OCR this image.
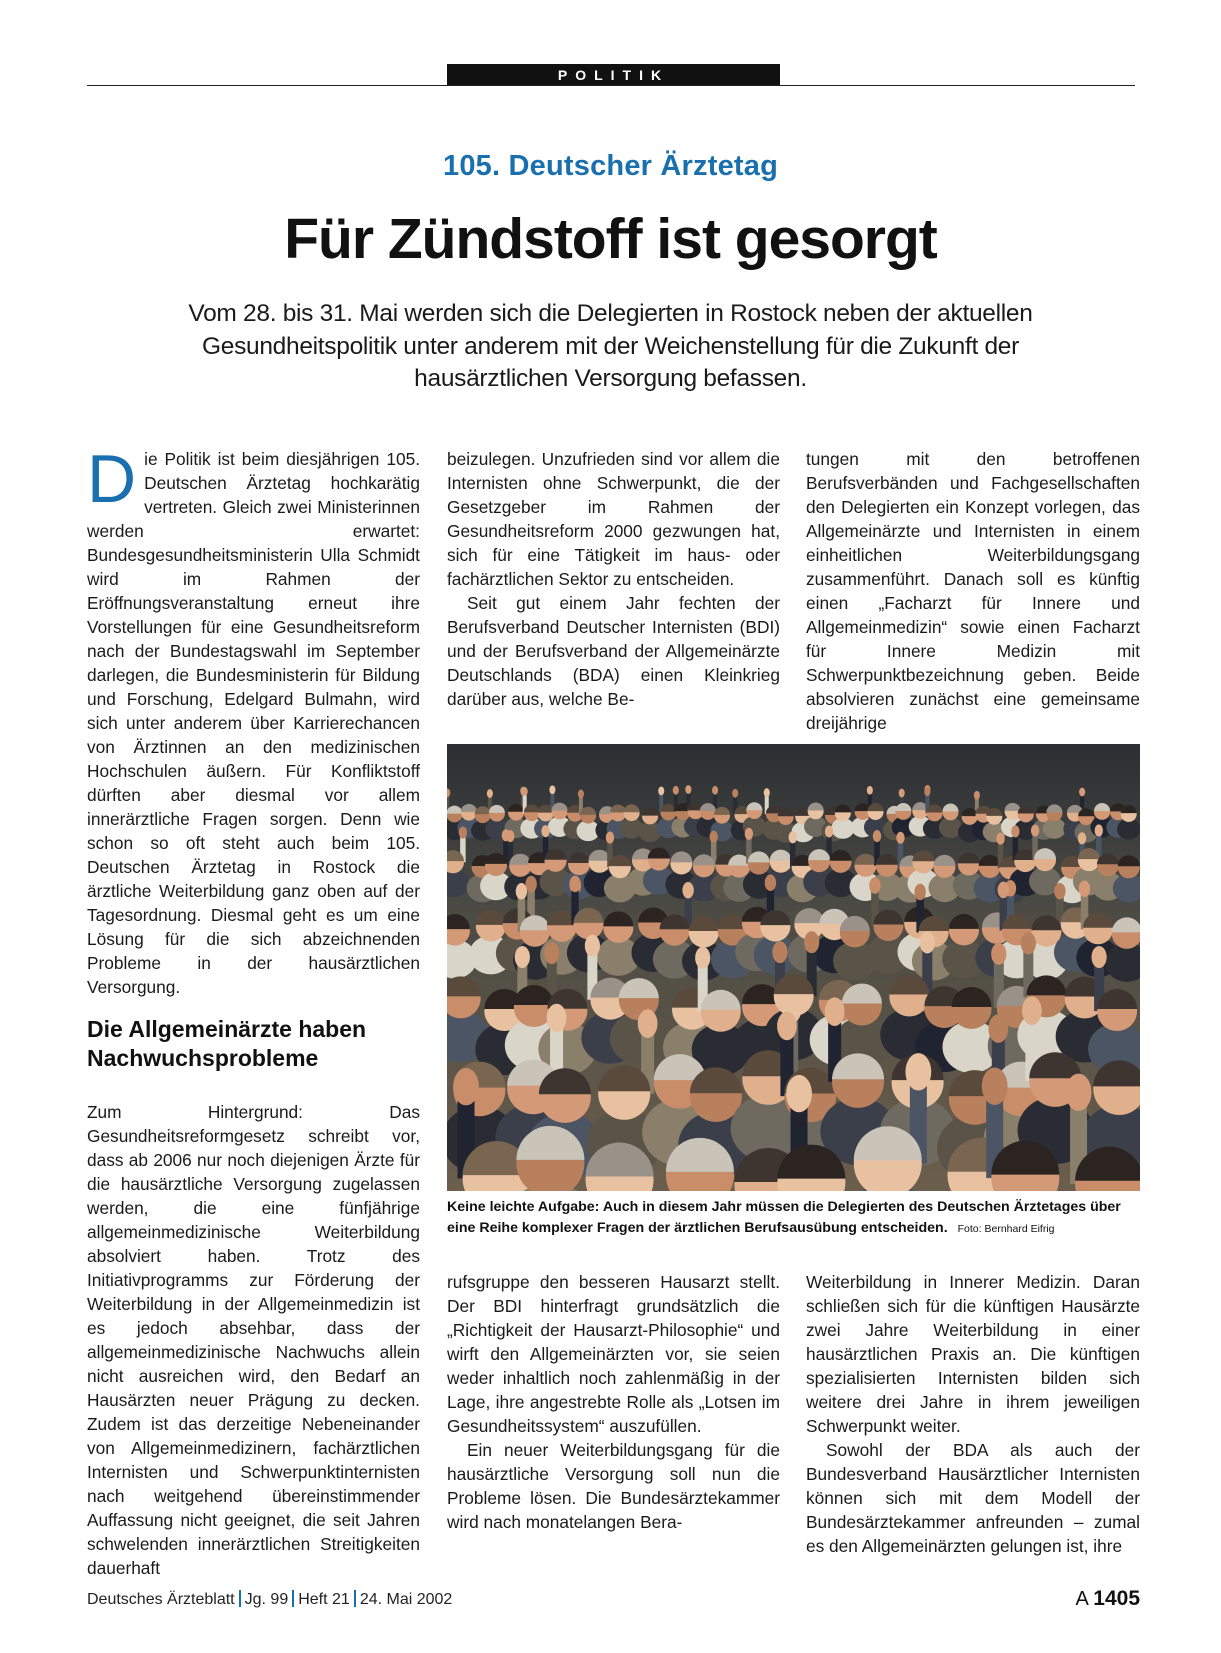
POLITIK
105. Deutscher Ärztetag
Für Zündstoff ist gesorgt
Vom 28. bis 31. Mai werden sich die Delegierten in Rostock neben der aktuellen Gesundheitspolitik unter anderem mit der Weichenstellung für die Zukunft der hausärztlichen Versorgung befassen.
D ie Politik ist beim diesjährigen 105. Deutschen Ärztetag hochkarätig vertreten. Gleich zwei Ministerinnen werden erwartet: Bundesgesundheitsministerin Ulla Schmidt wird im Rahmen der Eröffnungsveranstaltung erneut ihre Vorstellungen für eine Gesundheitsreform nach der Bundestagswahl im September darlegen, die Bundesministerin für Bildung und Forschung, Edelgard Bulmahn, wird sich unter anderem über Karrierechancen von Ärztinnen an den medizinischen Hochschulen äußern. Für Konfliktstoff dürften aber diesmal vor allem innerärztliche Fragen sorgen. Denn wie schon so oft steht auch beim 105. Deutschen Ärztetag in Rostock die ärztliche Weiterbildung ganz oben auf der Tagesordnung. Diesmal geht es um eine Lösung für die sich abzeichnenden Probleme in der hausärztlichen Versorgung.

Die Allgemeinärzte haben Nachwuchsprobleme

Zum Hintergrund: Das Gesundheitsreformgesetz schreibt vor, dass ab 2006 nur noch diejenigen Ärzte für die hausärztliche Versorgung zugelassen werden, die eine fünfjährige allgemeinmedizinische Weiterbildung absolviert haben. Trotz des Initiativprogramms zur Förderung der Weiterbildung in der Allgemeinmedizin ist es jedoch absehbar, dass der allgemeinmedizinische Nachwuchs allein nicht ausreichen wird, den Bedarf an Hausärzten neuer Prägung zu decken. Zudem ist das derzeitige Nebeneinander von Allgemeinmedizinern, fachärztlichen Internisten und Schwerpunktinternisten nach weitgehend übereinstimmender Auffassung nicht geeignet, die seit Jahren schwelenden innerärztlichen Streitigkeiten dauerhaft

beizulegen. Unzufrieden sind vor allem die Internisten ohne Schwerpunkt, die der Gesetzgeber im Rahmen der Gesundheitsreform 2000 gezwungen hat, sich für eine Tätigkeit im haus- oder fachärztlichen Sektor zu entscheiden.

Seit gut einem Jahr fechten der Berufsverband Deutscher Internisten (BDI) und der Berufsverband der Allgemeinärzte Deutschlands (BDA) einen Kleinkrieg darüber aus, welche Be-

tungen mit den betroffenen Berufsverbänden und Fachgesellschaften den Delegierten ein Konzept vorlegen, das Allgemeinärzte und Internisten in einem einheitlichen Weiterbildungsgang zusammenführt. Danach soll es künftig einen „Facharzt für Innere und Allgemeinmedizin“ sowie einen Facharzt für Innere Medizin mit Schwerpunktbezeichnung geben. Beide absolvieren zunächst eine gemeinsame dreijährige

Keine leichte Aufgabe: Auch in diesem Jahr müssen die Delegierten des Deutschen Ärztetages über eine Reihe komplexer Fragen der ärztlichen Berufsausübung entscheiden. Foto: Bernhard Eifrig

rufsgruppe den besseren Hausarzt stellt. Der BDI hinterfragt grundsätzlich die „Richtigkeit der Hausarzt-Philosophie“ und wirft den Allgemeinärzten vor, sie seien weder inhaltlich noch zahlenmäßig in der Lage, ihre angestrebte Rolle als „Lotsen im Gesundheitssystem“ auszufüllen.

Ein neuer Weiterbildungsgang für die hausärztliche Versorgung soll nun die Probleme lösen. Die Bundesärztekammer wird nach monatelangen Bera-

Weiterbildung in Innerer Medizin. Daran schließen sich für die künftigen Hausärzte zwei Jahre Weiterbildung in einer hausärztlichen Praxis an. Die künftigen spezialisierten Internisten bilden sich weitere drei Jahre in ihrem jeweiligen Schwerpunkt weiter.

Sowohl der BDA als auch der Bundesverband Hausärztlicher Internisten können sich mit dem Modell der Bundesärztekammer anfreunden – zumal es den Allgemeinärzten gelungen ist, ihre

Deutsches Ärzteblatt Jg. 99 Heft 21 24. Mai 2002	A 1405
